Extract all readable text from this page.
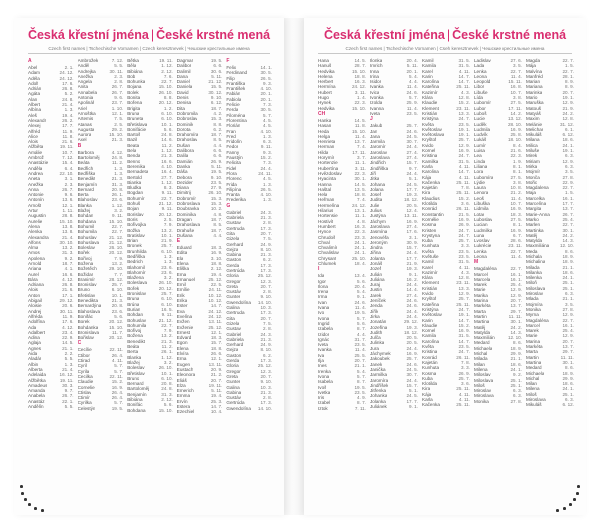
Česká křestní jména | České krstné mená
Czech first names | Tschechische Vornamen | Czech keresztnevek | Чешские крестильные имена
A
Abel	2. 1.
Adam	24. 12.
Adéla	24. 12.
Adolf	17. 6.
Adrián	26. 8.
Agáta	5. 2.
Alan	24. 8.
Albert	21. 4.
Albína	1. 3.
Aleš	19. 4.
Alexandr	26. 2.
Alexej	17. 7.
Alfréd	11. 9.
Alice	11. 8.
Alois	21. 6.
Alžběta	19. 11.
Amálie	10. 7.
Ambrož	7. 12.
Anastázie	15. 4.
Anděla	6. 4.
Andrea	22. 10.
Aneta	3. 1.
Anežka	2. 3.
Anna	26. 7.
Antonie	9. 6.
Antonín	13. 6.
Arnošt	12. 1.
Artur	1. 11.
Augustin	28. 8.
Aurelie	15. 10.
Alena	13. 8.
Alenka	13. 8.
Alexandra	21. 4.
Alfons	30. 10.
Alma	13. 2.
Amos	31. 3.
Apolena	9. 2.
Arnold	18. 7.
Ariana	4. 1.
Aurel	16. 6.
Bára	4. 12.
Adriana	26. 8.
Alois	21. 6.
Anton	17. 1.
Abigail	29. 12.
Aloisie	20. 6.
Andrej	30. 11.
Alfréda	11. 9.
Adolfína	17. 6.
Ada	4. 12.
Adalbert	23. 4.
Adina	22. 9.
Aglaja	14. 5.
Agnes	21. 1.
Aida	2. 2.
Aladár	5. 5.
Albin	1. 3.
Alberta	21. 4.
Adelaida	16. 12.
Alžbětka	19. 11.
Amadeus	30. 3.
Amanda	9. 7.
Anabela	26. 7.
Anastáz	22. 1.
Andělín	5. 5.
Ambrožek	7. 12.
Anděl	5. 5.
Andrejka	30. 11.
Anežka	2. 3.
Angela	2. 8.
Anita	26. 7.
Annabela	26. 7.
Antonia	9. 6.
Apolinář	23. 7.
Ariel	1. 10.
Arnoštka	12. 1.
Artemis	7. 5.
Atanas	2. 5.
Augusta	29. 2.
Aurora	15. 10.
Axel	21. 3.
B
Barbora	4. 12.
Bartoloměj	24. 8.
Beáta	11. 2.
Bedřich	1. 3.
Bedřiška	1. 3.
Benedikt	21. 3.
Benjamín	31. 3.
Bernard	20. 8.
Berta	26. 1.
Blahoslav	23. 6.
Blanka	1. 12.
Blažej	3. 2.
Bohdan	9. 11.
Bohdana	15. 10.
Bohumil	22. 7.
Bohumila	22. 7.
Bohuslav	21. 12.
Bohuslava	21. 12.
Boleslav	26. 10.
Bořek	20. 12.
Bořivoj	7. 9.
Božena	13. 2.
Božetěch	29. 10.
Božidar	7. 7.
Branimír	28. 12.
Bronislav	25. 7.
Bruno	6. 10.
Břetislav	10. 1.
Benedikta	21. 3.
Bernardýna	20. 8.
Blahoslava	23. 6.
Bonifác	5. 6.
Borek	20. 12.
Bohdanka	15. 10.
Bronislava	11. 7.
Bořislav	20. 12.
C
Cecílie	22. 11.
Ctibor	26. 4.
Ctirad	4. 11.
Cyril	5. 7.
Cyrila	5. 7.
Cecilka	22. 11.
Claudie	15. 2.
Cornelie	16. 9.
Ctislav	26. 4.
Ctimír	26. 4.
Cyrilka	5. 7.
Celestýn	19. 5.
Bětka	19. 11.
Běla	1. 12.
Bibiána	2. 12.
Bob	7. 6.
Bohunka	22. 7.
Bojana	15. 10.
Bolek	26. 10.
Bonita	8. 8.
Bořena	20. 12.
Brigita	1. 2.
Bruna	6. 10.
Bruneta	6. 10.
Břetislava	10. 1.
Bonifácie	5. 6.
Bartoš	24. 8.
Bazil	14. 6.
Beata	11. 2.
Bela	1. 12.
Benda	21. 3.
Benno	16. 6.
Berenika	4. 10.
Bernadeta	16. 4.
Bertold	27. 7.
Bianka	1. 12.
Bludka	8. 3.
Bogdan	9. 11.
Bohumír	22. 7.
Bohuš	21. 12.
Bojan	9. 11.
Borislav	20. 12.
Boris	2. 5.
Bořivojka	7. 9.
Božka	13. 2.
Bratislav	10. 1.
Brian	21. 9.
Bronek	25. 7.
Brunhilda	6. 10.
Bedřiška	1. 3.
Bedrich	1. 3.
Blahomil	23. 6.
Blahomír	23. 6.
Blažena	3. 2.
Boleslava	26. 10.
Bořek	20. 12.
Bronislav	25. 7.
Bruna	6. 10.
Brúna	6. 10.
Burian	16. 5.
Bohdan	9. 11.
Bohuslav	21. 12.
Bohumila	22. 7.
Bořivoj	7. 9.
Božena	13. 2.
Benedikt	21. 3.
Beáta	11. 2.
Berta	26. 1.
Blanka	1. 12.
Blažej	3. 2.
Boleslav	26. 10.
Břetislav	10. 1.
Bruno	6. 10.
Bernard	20. 8.
Bartoloměj	24. 8.
Benjamín	31. 3.
Bibiána	2. 12.
Bonifác	5. 6.
Bohdana	15. 10.
Dagmar	19. 5.
Dalibor	6. 6.
Dalimil	30. 6.
Dana	5. 11.
Daniel	21. 12.
Daniela	15. 5.
David	30. 12.
Denis	9. 10.
Denisa	6. 12.
Dita	18. 7.
Dobromila	4. 2.
Dobroslav	15. 3.
Dominik	8. 8.
Dorota	6. 2.
Drahomíra	18. 7.
Drahoslav	8. 5.
Dušan	4. 4.
Dalibora	6. 6.
Dalila	6. 6.
Damián	26. 9.
Danka	5. 11.
Dáša	19. 5.
Debora	9. 10.
Dezider	23. 5.
Diana	27. 9.
Dimitrij	26. 10.
Dobromír	15. 3.
Dobroslava	15. 3.
Doubravka	10. 2.
Dominika	4. 8.
Dragan	18. 7.
Drahoslava	8. 5.
Drahuše	18. 7.
Dušana	4. 4.
E
Eduard	18. 3.
Edita	16. 9.
Ela	3. 10.
Elena	18. 8.
Eliška	2. 12.
Ema	19. 4.
Emanuel	25. 12.
Emil	22. 5.
Emílie	24. 11.
Erik	10. 12.
Erika	10. 12.
Ester	14. 7.
Eva	24. 12.
Evelína	24. 12.
Evžen	13. 11.
Evženie	25. 12.
Ernest	12. 1.
Edvard	18. 3.
Egon	15. 7.
Elena	18. 8.
Elvíra	26. 6.
Erna	12. 1.
Eugen	13. 11.
Eustach	20. 9.
Eleonora	21. 2.
Eliáš	20. 7.
Elza	19. 11.
Emerich	5. 11.
Emma	19. 4.
Ervín	25. 3.
Estera	14. 7.
Ezechiel	10. 4.
F
Felix	14. 1.
Ferdinand	30. 5.
Filip	26. 5.
Františka	9. 3.
František	4. 10.
Fabián	20. 1.
Fabiola	20. 1.
Felicie	7. 3.
Ferda	30. 5.
Filoména	5. 7.
Florentina	4. 5.
Florián	4. 5.
Fran	4. 10.
Fred	1. 3.
Fridolín	6. 3.
Fedor	9. 11.
Fanny	9. 3.
Faustýn	15. 2.
Felicita	7. 3.
Fidel	24. 4.
Flora	24. 11.
Florenc	4. 5.
Frida	1. 3.
Filipína	26. 5.
Franta	4. 10.
Frederika	1. 3.
G
Gabriel	24. 3.
Gabriela	21. 3.
Gustav	2. 8.
Gertruda	17. 3.
Gita	20. 7.
Gizela	7. 5.
Gerhard	24. 9.
Gejza	8. 10.
Gabina	21. 3.
Gaston	6. 2.
Gerda	17. 3.
Gertrúda	17. 3.
Gloria	25. 12.
Gregor	12. 3.
Greta	20. 7.
Gustáv	2. 8.
Gunter	9. 10.
Gwendolína	14. 10.
Galina	10. 3.
Gertruda	17. 3.
Gita	20. 7.
Gizela	7. 5.
Gustav	2. 8.
Gabriel	24. 3.
Gabriela	21. 3.
Gerhard	24. 9.
Gejza	8. 10.
Gaston	6. 2.
Gerda	17. 3.
Gloria	25. 12.
Gregor	12. 3.
Greta	20. 7.
Gunter	9. 10.
Galina	10. 3.
Gabina	21. 3.
Gustáv	2. 8.
Gertrúda	17. 3.
Gwendolína	14. 10.
Česká křestní jména | České krstné mená
Czech first names | Tschechische Vornamen | Cseh keresztnevek | Чешские крестильные имена
Hana	14. 5.
Hanuš	28. 7.
Hedvika	15. 10.
Helena	18. 8.
Herbert	16. 3.
Hermína	24. 12.
Hubert	3. 11.
Hugo	1. 4.
Hynek	22. 3.
Hedvika	15. 10.
CH
Hanka	14. 5.
Hasan	11. 8.
Heda	15. 10.
Helga	11. 4.
Henrieta	13. 7.
Herman	7. 4.
Hilda	17. 11.
Horymír	3. 7.
Hortenzie	11. 1.
Hubertína	3. 11.
Hvězdoslav	22. 3.
Hyacinta	30. 1.
Hanna	14. 5.
Haštal	13. 5.
Hela	18. 8.
Heřman	7. 4.
Hermelína	24. 12.
Hilarius	13. 1.
Hortensie	11. 1.
Hostivít	4. 8.
Humbert	16. 3.
Hynce	22. 3.
Chrudoš	23. 3.
Chval	24. 1.
Chvalimír	24. 1.
Chvalislav	24. 1.
Chrysant	25. 10.
Chlumek	18. 4.
I
Ida	13. 4.
Igor	5. 6.
Ilona	20. 4.
Irena	5. 4.
Irma	9. 1.
Ivan	24. 6.
Ivana	11. 4.
Ivo	19. 5.
Ivona	5. 7.
Ingrid	5. 6.
Izabela	8. 7.
Izidor	4. 4.
Ignác	31. 7.
Iveta	23. 5.
Ivanka	11. 4.
Iva	25. 5.
Ilja	20. 7.
Ines	21. 1.
Irenka	5. 4.
Ivona	5. 7.
Isabela	8. 7.
Ivoš	19. 5.
Ivetka	23. 5.
Iris	4. 9.
Izabel	8. 7.
Iztok	7. 11.
Ilonka	20. 4.
Imrich	5. 11.
Inna	20. 1.
Irina	5. 4.
Isidor	4. 4.
Ivanka	11. 4.
Ivica	24. 6.
Ivonka	5. 7.
Izolda	25. 9.
Ivanna	11. 4.
Iveta	23. 5.
J
Jakub	25. 7.
Jan	24. 6.
Jana	24. 5.
Jarmila	30. 7.
Jaromír	24. 4.
Jaroslav	27. 4.
Jaroslava	27. 4.
Jindřich	15. 7.
Jindřiška	9. 7.
Jiří	24. 4.
Jitka	5. 1.
Johana	24. 5.
Jolana	17. 7.
Josef	19. 3.
Judita	18. 12.
Julie	20. 5.
Julius	12. 4.
Justýna	13. 11.
Jáchym	16. 9.
Jaroslava	27. 4.
Jasmína	17. 6.
Jenovéfa	3. 1.
Jeroným	30. 9.
Jindra	15. 7.
Jiřina	24. 4.
Jolanta	17. 7.
Jonáš	21. 9.
Jozef	19. 3.
Julián	9. 1.
Juliána	16. 2.
Juraj	24. 4.
Justin	14. 4.
Jarek	27. 4.
Jeníček	24. 6.
Jenda	24. 6.
Jiřík	24. 4.
Jirka	24. 4.
Jonatán	29. 12.
Jozefína	19. 3.
Judith	18. 12.
Julča	20. 5.
Julinka	20. 5.
Jura	24. 4.
Jáchymek	16. 9.
Jakoubek	25. 7.
Janek	24. 6.
Janička	24. 5.
Jarmilka	30. 7.
Jaromíra	24. 4.
Jindříšek	15. 7.
Jitřenka	5. 1.
Johanka	24. 5.
Jolanka	17. 7.
Juliánek	9. 1.
Kamil	31. 5.
Kamila	31. 5.
Karel	4. 11.
Karin	14. 7.
Karolína	14. 7.
Kateřina	25. 11.
Kazimír	4. 3.
Klára	12. 8.
Klaudie	15. 2.
Klement	23. 11.
Kristián	13. 3.
Kristýna	24. 7.
Květa	23. 5.
Květoslav	19. 1.
Květoslava	19. 1.
Kryštof	25. 7.
Kvido	12. 9.
Kornel	16. 9.
Kristina	24. 7.
Kamilka	31. 5.
Karla	4. 11.
Karolina	14. 7.
Kája	4. 11.
Kačenka	25. 11.
Kajetán	7. 8.
Kira	25. 11.
Klaudius	15. 2.
Klotilda	3. 6.
Konrád	26. 11.
Konstantin	21. 5.
Kornélie	16. 9.
Kosma	26. 9.
Kristen	24. 7.
Krystyna	24. 7.
Kuba	25. 7.
Kunhuta	3. 3.
Květa	23. 5.
Květuše	23. 5.
Kamil	31. 5.
Karel	4. 11.
Kazimír	4. 3.
Klára	12. 8.
Klement	23. 11.
Kristián	13. 3.
Kvido	12. 9.
Kryštof	25. 7.
Kateřina	25. 11.
Kristýna	24. 7.
Květoslav	19. 1.
Karin	14. 7.
Klaudie	15. 2.
Kornel	16. 9.
Kamila	31. 5.
Karolína	14. 7.
Květa	23. 5.
Kristina	24. 7.
Konrád	26. 11.
Kajetán	7. 8.
Kunhuta	3. 3.
Kosma	26. 9.
Kuba	25. 7.
Klotilda	3. 6.
Kira	25. 11.
Kája	4. 11.
Karla	4. 11.
Kačenka	25. 11.
Ladislav	27. 6.
Lada	3. 5.
Lenka	22. 7.
Leona	11. 4.
Leopold	15. 11.
Libor	16. 8.
Libuše	10. 7.
Lída	3. 8.
Lubomír	27. 5.
Lubor	17. 11.
Luboš	14. 2.
Lucie	13. 12.
Luděk	28. 10.
Ludmila	16. 9.
Ludvík	25. 8.
Lukáš	18. 10.
Lumír	8. 4.
Luisa	21. 6.
Lea	22. 3.
Linda	1. 9.
Liliana	8. 1.
Lora	8. 1.
Lubomíra	27. 5.
Lýdie	3. 8.
Laura	10. 8.
Lenora	21. 2.
Leoš	11. 4.
Libuška	10. 7.
Lidmila	16. 9.
Lotar	18. 3.
Luboslav	27. 5.
Lucian	8. 1.
Ludmilka	16. 9.
Luna	6. 7.
Lvoslav	28. 6.
Lukrécie	23. 11.
Lenka	22. 7.
Leona	11. 4.
M
Magdaléna	22. 7.
Marcel	16. 1.
Marcela	16. 1.
Marek	25. 4.
Marie	12. 9.
Marika	12. 9.
Marina	20. 7.
Markéta	13. 7.
Marta	29. 7.
Martin	11. 11.
Martina	30. 1.
Matěj	24. 2.
Matylda	14. 3.
Maxmilián	12. 10.
Medard	8. 6.
Michaela	18. 9.
Michal	29. 9.
Milada	21. 1.
Milan	18. 6.
Milena	24. 1.
Miloslav	9. 2.
Miloslava	25. 1.
Miloš	25. 1.
Miroslav	6. 3.
Miroslava	6. 3.
Monika	27. 8.
Magda	22. 7.
Mája	1. 5.
Malvína	22. 7.
Manfréd	28. 1.
Marian	8. 9.
Mariana	8. 9.
Marinka	20. 7.
Mario	19. 1.
Maruška	12. 9.
Matouš	21. 9.
Matyáš	24. 2.
Maxim	12. 8.
Melánie	31. 12.
Melichar	6. 1.
Mikuláš	6. 12.
Milana	18. 6.
Milica	24. 1.
Miluše	19. 1.
Mirek	6. 3.
Miriam	12. 9.
Mirka	6. 3.
Mojmír	3. 5.
Monča	27. 8.
Mořic	22. 9.
Magdalena	22. 7.
Maja	1. 5.
Marcelka	16. 1.
Marcelína	17. 7.
Margita	13. 7.
Marie-Anna	26. 7.
Marko	25. 4.
Marlen	22. 7.
Martinka	30. 1.
Matěj	24. 2.
Matylda	14. 3.
Maxmiliána	12. 10.
Meda	8. 6.
Michala	18. 9.
Michalina	18. 9.
Milada	21. 1.
Milanka	18. 6.
Milenka	24. 1.
Miloň	25. 1.
Miloslava	25. 1.
Miroslav	6. 3.
Mlada	21. 1.
Mojmíra	3. 5.
Monika	27. 8.
Myrna	12. 9.
Magdaléna	22. 7.
Marcel	16. 1.
Marek	25. 4.
Marie	12. 9.
Marina	20. 7.
Markéta	13. 7.
Marta	29. 7.
Martin	11. 11.
Martina	30. 1.
Medard	8. 6.
Michaela	18. 9.
Michal	29. 9.
Milan	18. 6.
Milena	24. 1.
Miloš	25. 1.
Miroslava	6. 3.
Mikuláš	6. 12.
